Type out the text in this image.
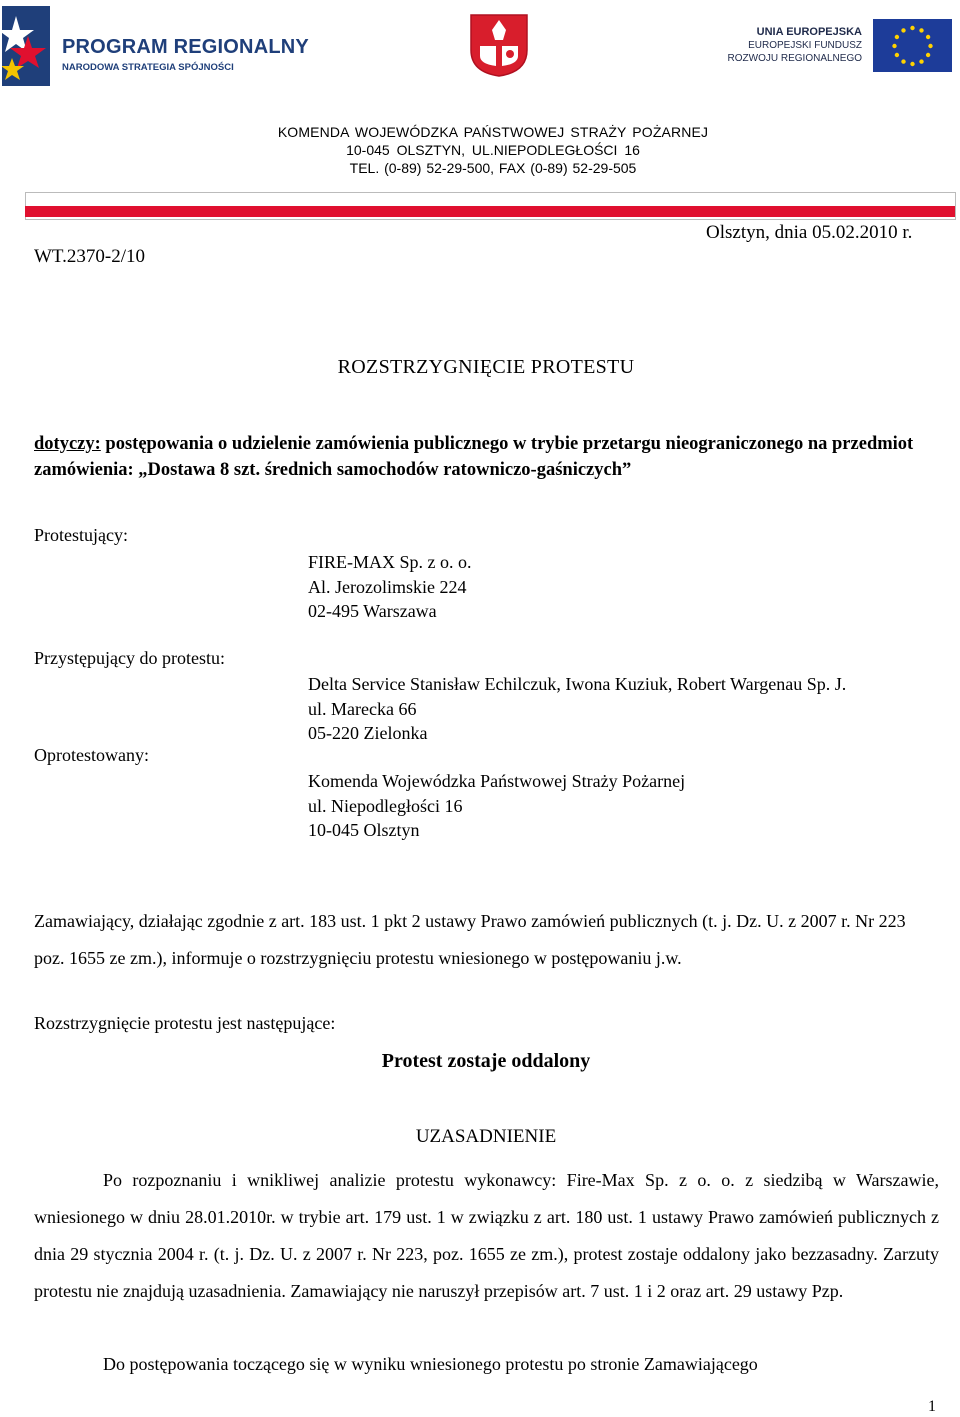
PROGRAM REGIONALNY
NARODOWA STRATEGIA SPÓJNOŚCI
UNIA EUROPEJSKA
EUROPEJSKI FUNDUSZ
ROZWOJU REGIONALNEGO
KOMENDA WOJEWÓDZKA PAŃSTWOWEJ STRAŻY POŻARNEJ
10-045 OLSZTYN, UL.NIEPODLEGŁOŚCI 16
TEL. (0-89) 52-29-500, FAX (0-89) 52-29-505
WT.2370-2/10
Olsztyn, dnia 05.02.2010 r.
ROZSTRZYGNIĘCIE PROTESTU
dotyczy: postępowania o udzielenie zamówienia publicznego w trybie przetargu nieograniczonego na przedmiot zamówienia: „Dostawa 8 szt. średnich samochodów ratowniczo-gaśniczych”
Protestujący:
Przystępujący do protestu:
Oprotestowany:
FIRE-MAX Sp. z o. o.
Al. Jerozolimskie 224
02-495 Warszawa
Delta Service Stanisław Echilczuk, Iwona Kuziuk, Robert Wargenau Sp. J.
ul. Marecka 66
05-220 Zielonka
Komenda Wojewódzka Państwowej Straży Pożarnej
ul. Niepodległości 16
10-045 Olsztyn
Zamawiający, działając zgodnie z art. 183 ust. 1 pkt 2 ustawy Prawo zamówień publicznych (t. j. Dz. U. z 2007 r. Nr 223 poz. 1655 ze zm.), informuje o rozstrzygnięciu protestu wniesionego w postępowaniu j.w.
Rozstrzygnięcie protestu jest następujące:
Protest zostaje oddalony
UZASADNIENIE
Po rozpoznaniu i wnikliwej analizie protestu wykonawcy: Fire-Max Sp. z o. o. z siedzibą w Warszawie, wniesionego w dniu 28.01.2010r. w trybie art. 179 ust. 1 w związku z art. 180 ust. 1 ustawy Prawo zamówień publicznych z dnia 29 stycznia 2004 r. (t. j. Dz. U. z 2007 r. Nr 223, poz. 1655 ze zm.), protest zostaje oddalony jako bezzasadny. Zarzuty protestu nie znajdują uzasadnienia. Zamawiający nie naruszył przepisów art. 7 ust. 1 i 2 oraz art. 29 ustawy Pzp.
Do postępowania toczącego się w wyniku wniesionego protestu po stronie Zamawiającego
1
